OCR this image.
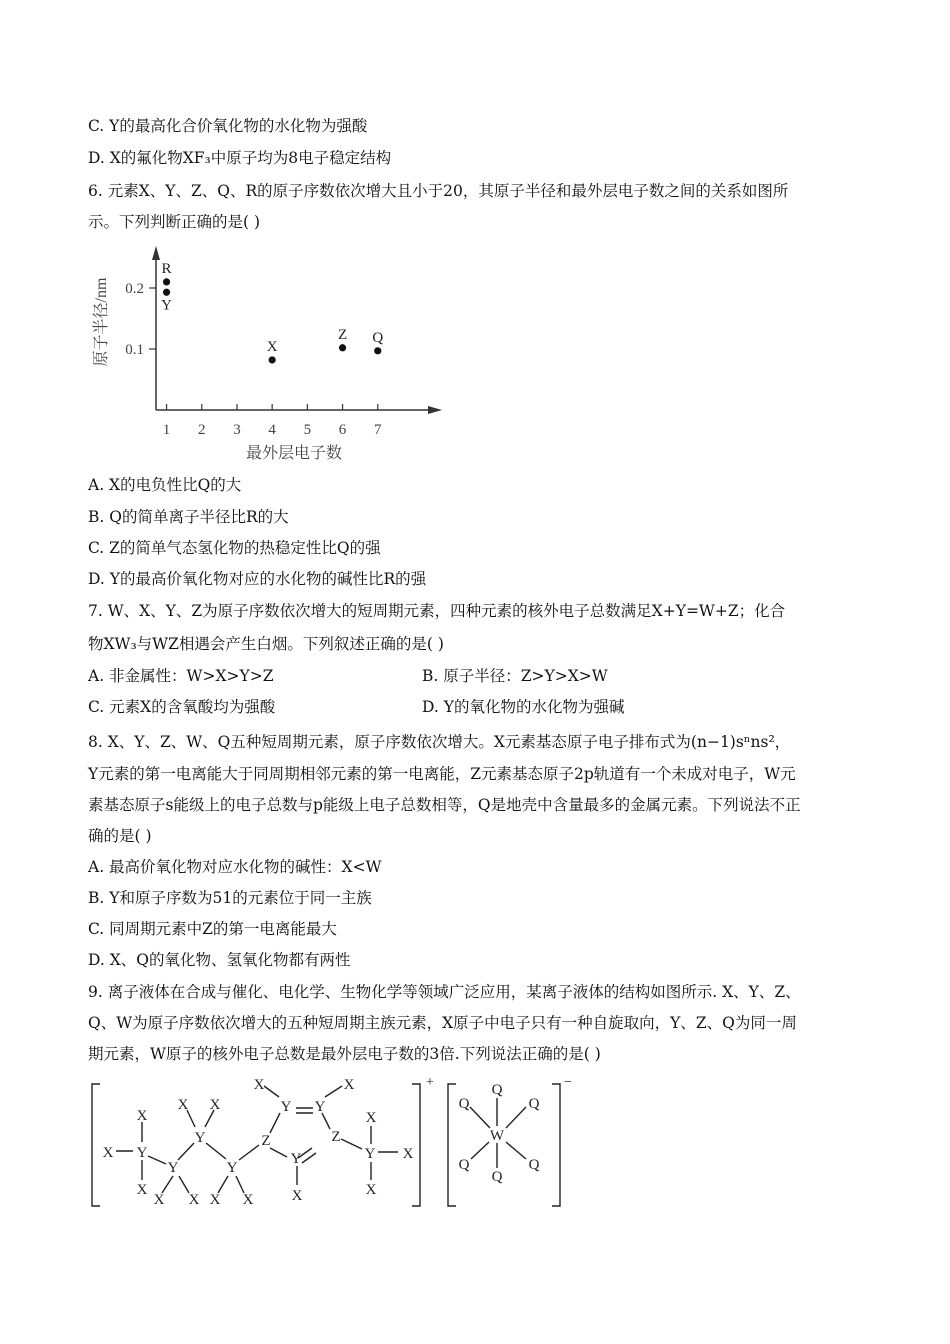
C. Y的最高化合价氧化物的水化物为强酸
D. X的氟化物XF₃中原子均为8电子稳定结构
6. 元素X、Y、Z、Q、R的原子序数依次增大且小于20，其原子半径和最外层电子数之间的关系如图所
示。下列判断正确的是( )
1 2 3 4 5 6 7
0.1
0.2
最外层电子数
原子半径/nm
R
Y
X
Z Q
A. X的电负性比Q的大
B. Q的简单离子半径比R的大
C. Z的简单气态氢化物的热稳定性比Q的强
D. Y的最高价氧化物对应的水化物的碱性比R的强
7. W、X、Y、Z为原子序数依次增大的短周期元素，四种元素的核外电子总数满足X+Y=W+Z；化合
物XW₃与WZ相遇会产生白烟。下列叙述正确的是( )
A. 非金属性：W>X>Y>Z	B. 原子半径：Z>Y>X>W
C. 元素X的含氧酸均为强酸	D. Y的氧化物的水化物为强碱
8. X、Y、Z、W、Q五种短周期元素，原子序数依次增大。X元素基态原子电子排布式为(n−1)sⁿns²，
Y元素的第一电离能大于同周期相邻元素的第一电离能，Z元素基态原子2p轨道有一个未成对电子，W元
素基态原子s能级上的电子总数与p能级上电子总数相等，Q是地壳中含量最多的金属元素。下列说法不正
确的是( )
A. 最高价氧化物对应水化物的碱性：X<W
B. Y和原子序数为51的元素位于同一主族
C. 同周期元素中Z的第一电离能最大
D. X、Q的氧化物、氢氧化物都有两性
9. 离子液体在合成与催化、电化学、生物化学等领域广泛应用，某离子液体的结构如图所示. X、Y、Z、
Q、W为原子序数依次增大的五种短周期主族元素，X原子中电子只有一种自旋取向，Y、Z、Q为同一周
期元素，W原子的核外电子总数是最外层电子数的3倍.下列说法正确的是( )
X
X
Y
X
Y
X X
X X
Y
Y
X X
Z
Y Y
X	X
Z
Y
X
X
Y X
X
Q
Q	Q
W
Q	Q
Q
+	−
